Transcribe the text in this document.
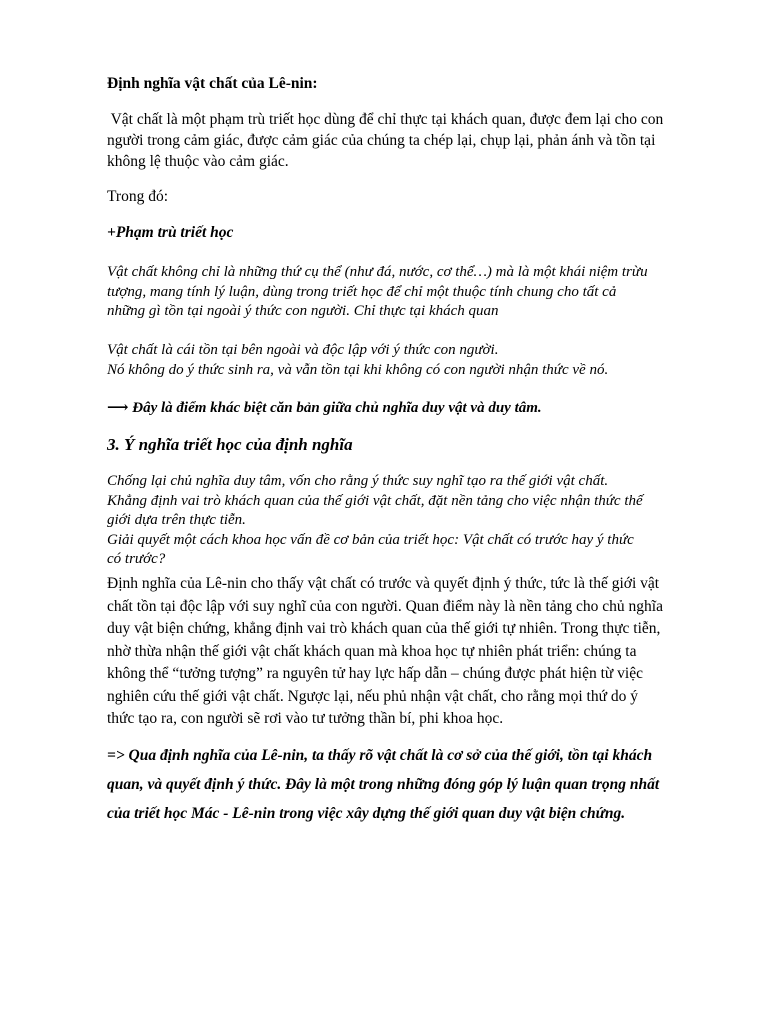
Định nghĩa vật chất của Lê-nin:

Vật chất là một phạm trù triết học dùng để chỉ thực tại khách quan, được đem lại cho con
người trong cảm giác, được cảm giác của chúng ta chép lại, chụp lại, phản ánh và tồn tại
không lệ thuộc vào cảm giác.

Trong đó:

+Phạm trù triết học

Vật chất không chỉ là những thứ cụ thể (như đá, nước, cơ thể…) mà là một khái niệm trừu
tượng, mang tính lý luận, dùng trong triết học để chỉ một thuộc tính chung cho tất cả
những gì tồn tại ngoài ý thức con người. Chỉ thực tại khách quan
Vật chất là cái tồn tại bên ngoài và độc lập với ý thức con người.
Nó không do ý thức sinh ra, và vẫn tồn tại khi không có con người nhận thức về nó.

⟶ Đây là điểm khác biệt căn bản giữa chủ nghĩa duy vật và duy tâm.

3. Ý nghĩa triết học của định nghĩa

Chống lại chủ nghĩa duy tâm, vốn cho rằng ý thức suy nghĩ tạo ra thế giới vật chất.
Khẳng định vai trò khách quan của thế giới vật chất, đặt nền tảng cho việc nhận thức thế
giới dựa trên thực tiễn.
Giải quyết một cách khoa học vấn đề cơ bản của triết học: Vật chất có trước hay ý thức
có trước?
Định nghĩa của Lê-nin cho thấy vật chất có trước và quyết định ý thức, tức là thế giới vật
chất tồn tại độc lập với suy nghĩ của con người. Quan điểm này là nền tảng cho chủ nghĩa
duy vật biện chứng, khẳng định vai trò khách quan của thế giới tự nhiên. Trong thực tiễn,
nhờ thừa nhận thế giới vật chất khách quan mà khoa học tự nhiên phát triển: chúng ta
không thể “tưởng tượng” ra nguyên tử hay lực hấp dẫn – chúng được phát hiện từ việc
nghiên cứu thế giới vật chất. Ngược lại, nếu phủ nhận vật chất, cho rằng mọi thứ do ý
thức tạo ra, con người sẽ rơi vào tư tưởng thần bí, phi khoa học.
=> Qua định nghĩa của Lê-nin, ta thấy rõ vật chất là cơ sở của thế giới, tồn tại khách
quan, và quyết định ý thức. Đây là một trong những đóng góp lý luận quan trọng nhất
của triết học Mác - Lê-nin trong việc xây dựng thế giới quan duy vật biện chứng.
